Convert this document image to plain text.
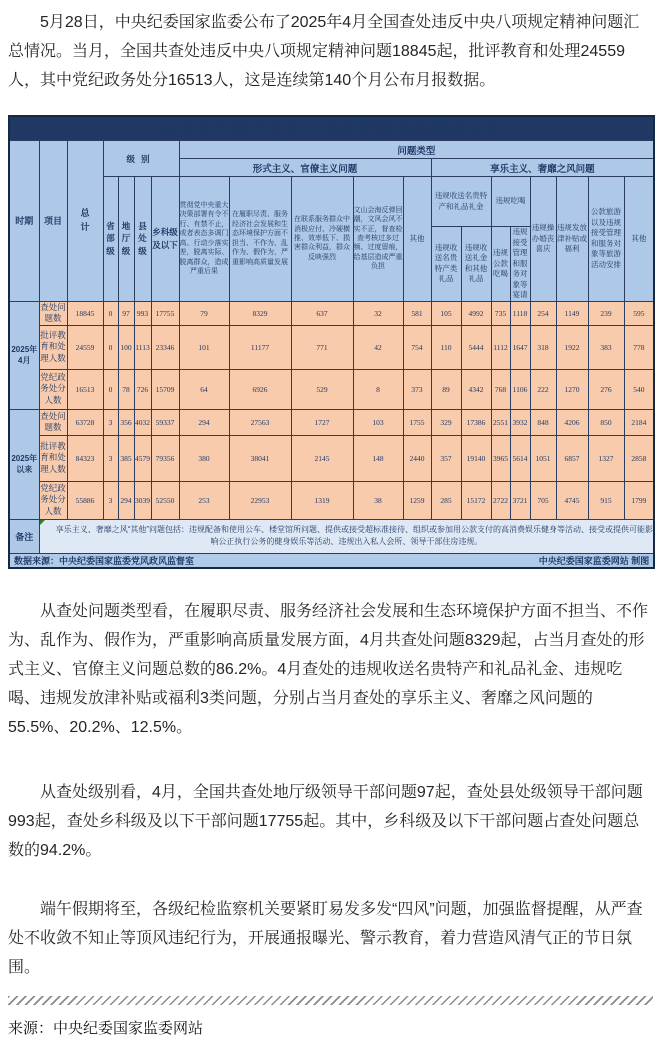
5月28日，中央纪委国家监委公布了2025年4月全国查处违反中央八项规定精神问题汇总情况。当月，全国共查处违反中央八项规定精神问题18845起，批评教育和处理24559人，其中党纪政务处分16513人，这是连续第140个月公布月报数据。

全国查处违反中央八项规定精神问题统计表																			
时期	项目	总计	级别				问题类型												
							形式主义、官僚主义问题					享乐主义、奢靡之风问题							
			省部级	地厅级	县处级	乡科级及以下	贯彻党中央重大决策部署有令不行、有禁不止，或者表态多调门高、行动少落实差，脱离实际、脱离群众，造成严重后果	在履职尽责、服务经济社会发展和生态环境保护方面不担当、不作为、乱作为、假作为，严重影响高质量发展	在联系服务群众中消极应付、冷硬横推、效率低下、损害群众利益，群众反映强烈	文山会海反弹回潮，文风会风不实不正，督查检查考核过多过频、过度留痕，给基层造成严重负担	其他	违规收送名贵特产和礼品礼金		违规吃喝		违规操办婚丧喜庆	违规发放津补贴或福利	公款旅游以及违规接受管理和服务对象等旅游活动安排	其他
												违规收送名贵特产类礼品	违规收送礼金和其他礼品	违规公款吃喝	违规接受管理和服务对象等宴请				
2025年4月	查处问题数	18845	0	97	993	17755	79	8329	637	32	581	105	4992	735	1118	254	1149	239	595
	批评教育和处理人数	24559	0	100	1113	23346	101	11177	771	42	754	110	5444	1112	1647	318	1922	383	778
	党纪政务处分人数	16513	0	78	726	15709	64	6926	529	8	373	89	4342	768	1106	222	1270	276	540
2025年以来	查处问题数	63728	3	356	4032	59337	294	27563	1727	103	1755	329	17386	2551	3932	848	4206	850	2184
	批评教育和处理人数	84323	3	385	4579	79356	380	38041	2145	148	2440	357	19140	3965	5614	1051	6857	1327	2858
	党纪政务处分人数	55886	3	294	3039	52550	253	22953	1319	38	1259	285	15172	2722	3721	705	4745	915	1799
备注	享乐主义、奢靡之风“其他”问题包括：违规配备和使用公车、楼堂馆所问题、提供或接受超标准接待、组织或参加用公款支付的高消费娱乐健身等活动、接受或提供可能影响公正执行公务的健身娱乐等活动、违规出入私人会所、领导干部住房违规。																		

数据来源：中央纪委国家监委党风政风监督室 中央纪委国家监委网站 制图																			

从查处问题类型看，在履职尽责、服务经济社会发展和生态环境保护方面不担当、不作为、乱作为、假作为，严重影响高质量发展方面，4月共查处问题8329起，占当月查处的形式主义、官僚主义问题总数的86.2%。4月查处的违规收送名贵特产和礼品礼金、违规吃喝、违规发放津补贴或福利3类问题，分别占当月查处的享乐主义、奢靡之风问题的55.5%、20.2%、12.5%。

从查处级别看，4月，全国共查处地厅级领导干部问题97起，查处县处级领导干部问题993起，查处乡科级及以下干部问题17755起。其中，乡科级及以下干部问题占查处问题总数的94.2%。

端午假期将至，各级纪检监察机关要紧盯易发多发“四风”问题，加强监督提醒，从严查处不收敛不知止等顶风违纪行为，开展通报曝光、警示教育，着力营造风清气正的节日氛围。

来源：中央纪委国家监委网站
